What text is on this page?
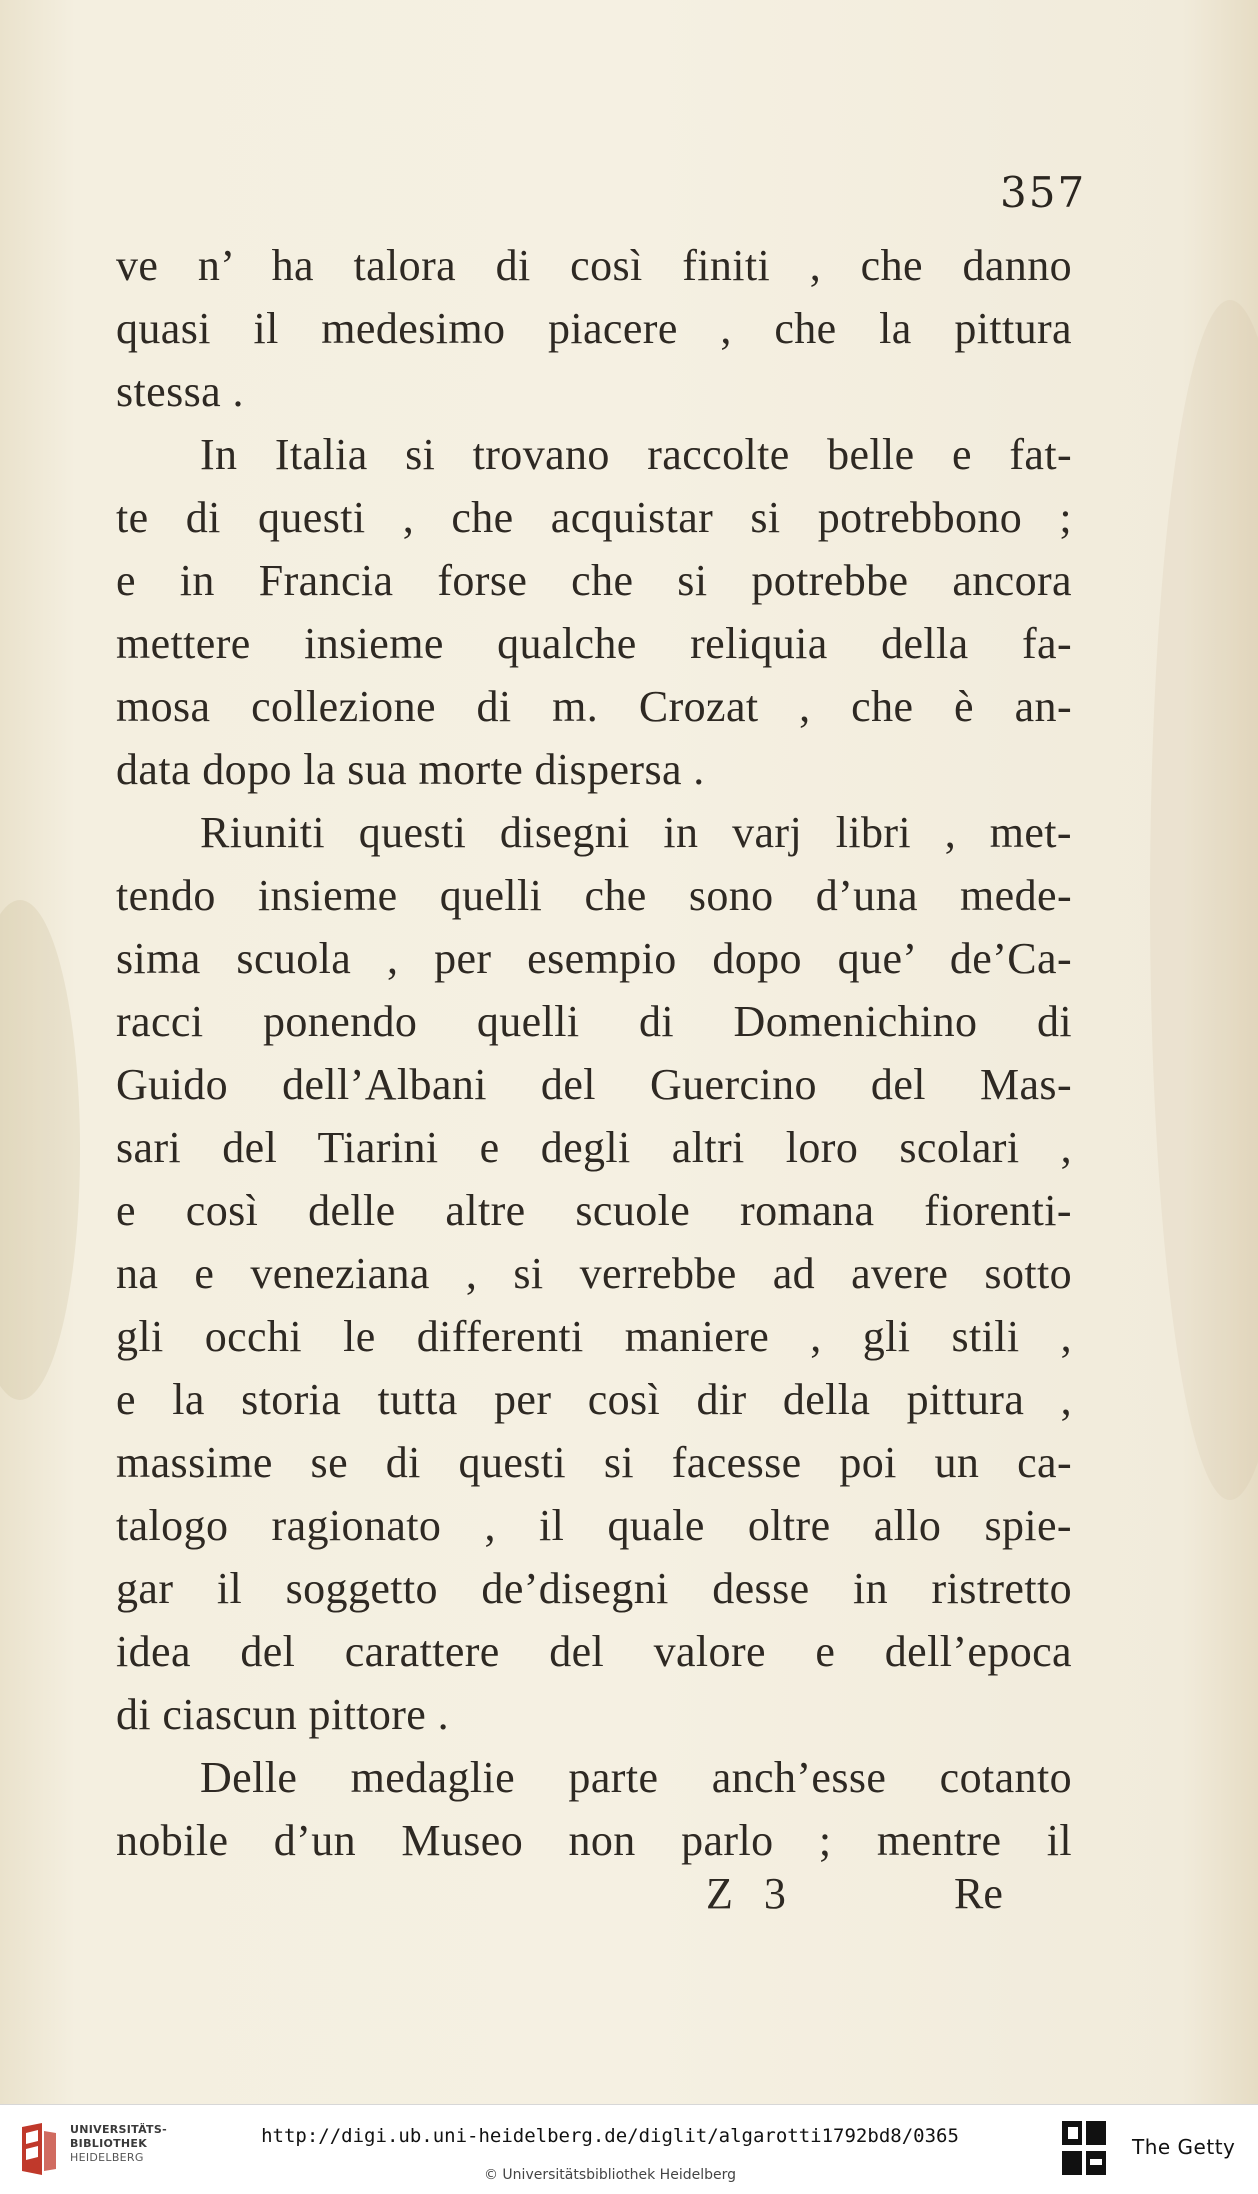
357
ve n’ ha talora di così finiti , che danno
quasi il medesimo piacere , che la pittura
stessa .
In Italia si trovano raccolte belle e fat-
te di questi , che acquistar si potrebbono ;
e in Francia forse che si potrebbe ancora
mettere insieme qualche reliquia della fa-
mosa collezione di m. Crozat , che è an-
data dopo la sua morte dispersa .
Riuniti questi disegni in varj libri , met-
tendo insieme quelli che sono d’una mede-
sima scuola , per esempio dopo que’ de’Ca-
racci ponendo quelli di Domenichino di
Guido dell’Albani del Guercino del Mas-
sari del Tiarini e degli altri loro scolari ,
e così delle altre scuole romana fiorenti-
na e veneziana , si verrebbe ad avere sotto
gli occhi le differenti maniere , gli stili ,
e la storia tutta per così dir della pittura ,
massime se di questi si facesse poi un ca-
talogo ragionato , il quale oltre allo spie-
gar il soggetto de’disegni desse in ristretto
idea del carattere del valore e dell’epoca
di ciascun pittore .
Delle medaglie parte anch’esse cotanto
nobile d’un Museo non parlo ; mentre il
Z 3	Re
UNIVERSITÄTS-
BIBLIOTHEK
HEIDELBERG
http://digi.ub.uni-heidelberg.de/diglit/algarotti1792bd8/0365
© Universitätsbibliothek Heidelberg
The Getty
